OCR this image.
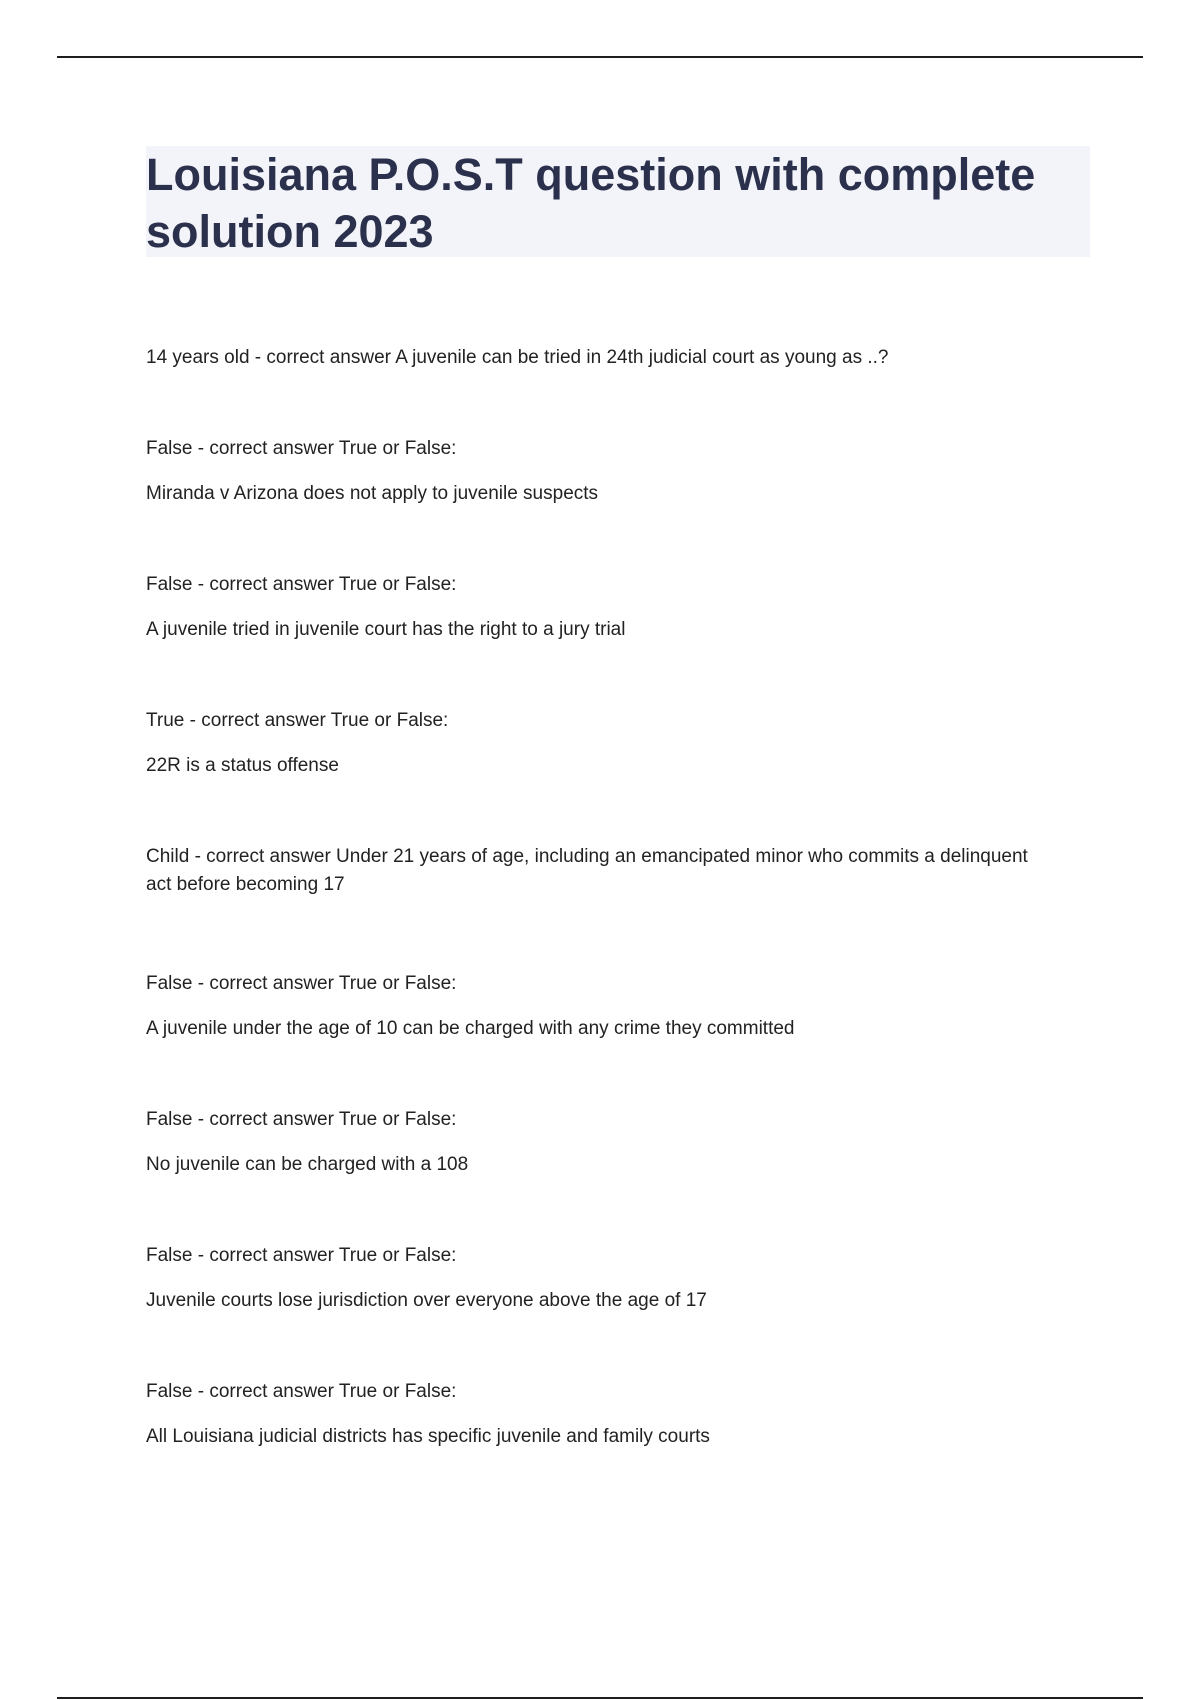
Louisiana P.O.S.T question with complete solution 2023

14 years old - correct answer A juvenile can be tried in 24th judicial court as young as ..?

False - correct answer True or False:

Miranda v Arizona does not apply to juvenile suspects

False - correct answer True or False:

A juvenile tried in juvenile court has the right to a jury trial

True - correct answer True or False:

22R is a status offense

Child - correct answer Under 21 years of age, including an emancipated minor who commits a delinquent act before becoming 17

False - correct answer True or False:

A juvenile under the age of 10 can be charged with any crime they committed

False - correct answer True or False:

No juvenile can be charged with a 108

False - correct answer True or False:

Juvenile courts lose jurisdiction over everyone above the age of 17

False - correct answer True or False:

All Louisiana judicial districts has specific juvenile and family courts
